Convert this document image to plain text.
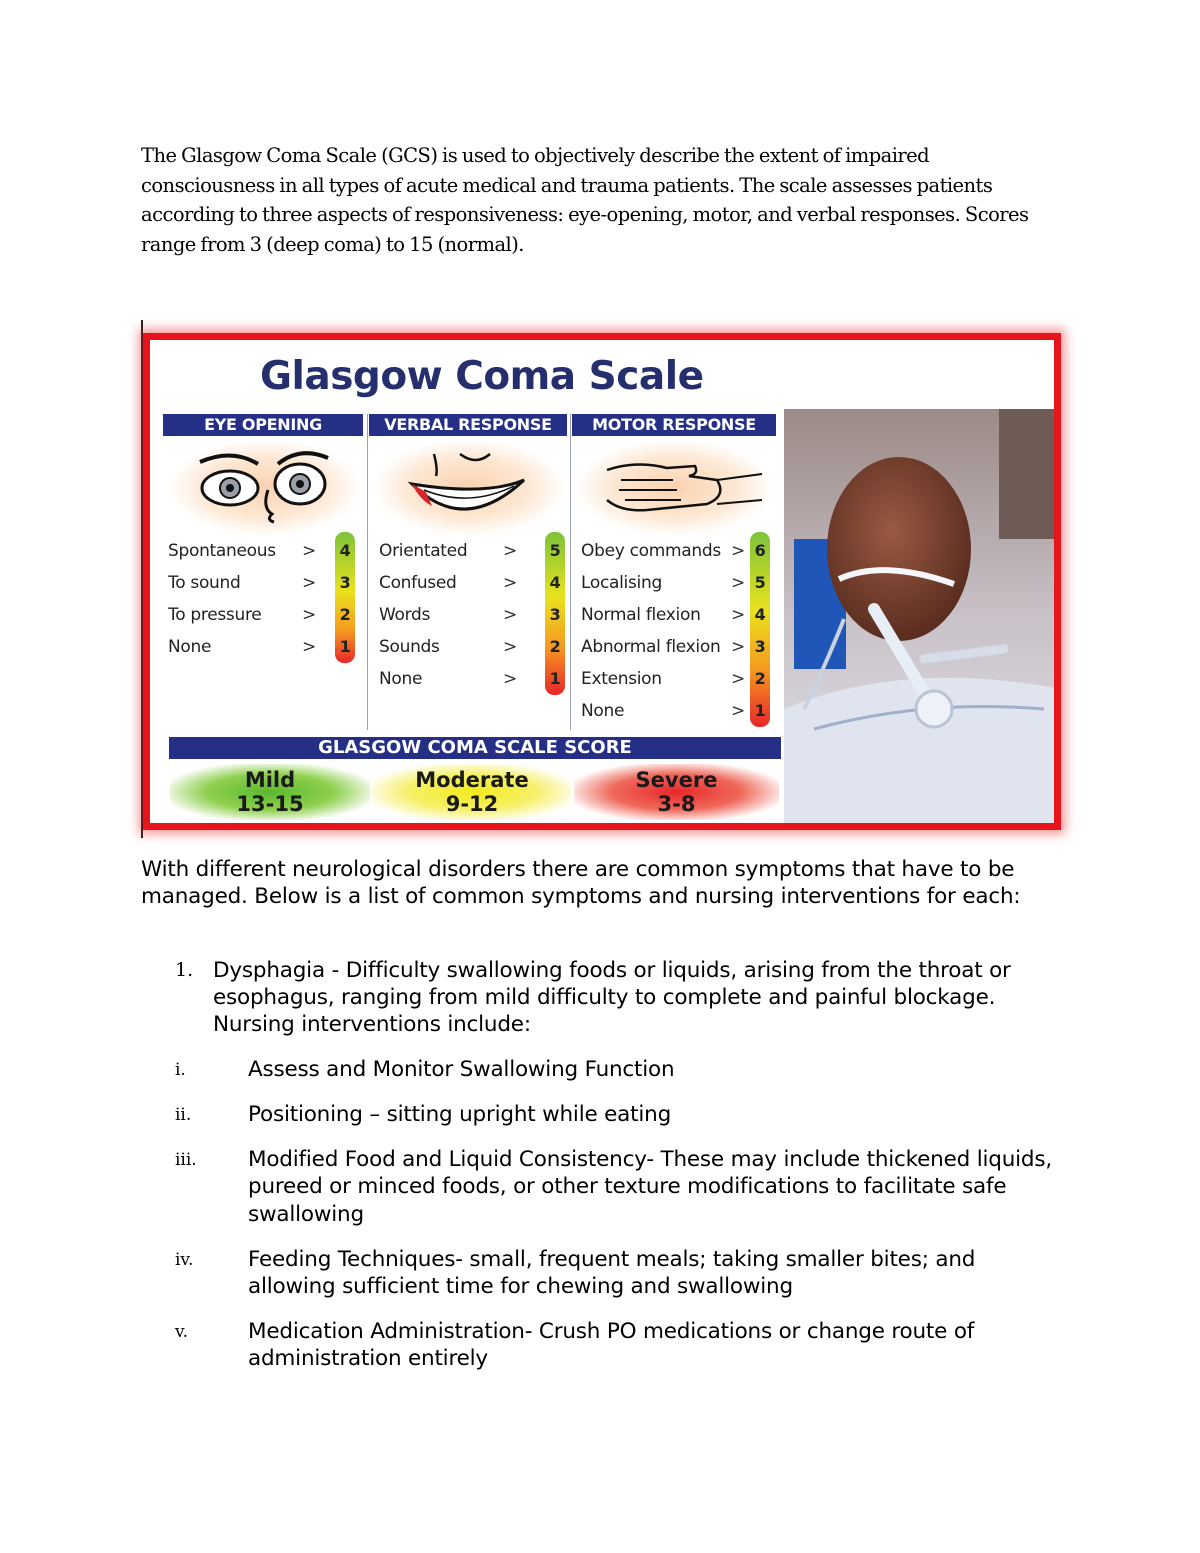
The Glasgow Coma Scale (GCS) is used to objectively describe the extent of impaired consciousness in all types of acute medical and trauma patients. The scale assesses patients according to three aspects of responsiveness: eye-opening, motor, and verbal responses. Scores range from 3 (deep coma) to 15 (normal).

Glasgow Coma Scale
EYE OPENING	VERBAL RESPONSE	MOTOR RESPONSE
Spontaneous > 4
To sound	> 3
To pressure > 2
None	> 1
Orientated > 5
Confused	> 4
Words	> 3
Sounds	> 2
None	> 1
Obey commands > 6
Localising	> 5
Normal flexion > 4
Abnormal flexion > 3
Extension	> 2
None	> 1
GLASGOW COMA SCALE SCORE
Mild
13-15
Moderate
9-12
Severe
3-8

With different neurological disorders there are common symptoms that have to be managed. Below is a list of common symptoms and nursing interventions for each:

1. Dysphagia - Difficulty swallowing foods or liquids, arising from the throat or esophagus, ranging from mild difficulty to complete and painful blockage. Nursing interventions include:
i.	Assess and Monitor Swallowing Function
ii.	Positioning – sitting upright while eating
iii. Modified Food and Liquid Consistency- These may include thickened liquids, pureed or minced foods, or other texture modifications to facilitate safe swallowing
iv.	Feeding Techniques- small, frequent meals; taking smaller bites; and allowing sufficient time for chewing and swallowing
v.	Medication Administration- Crush PO medications or change route of administration entirely
